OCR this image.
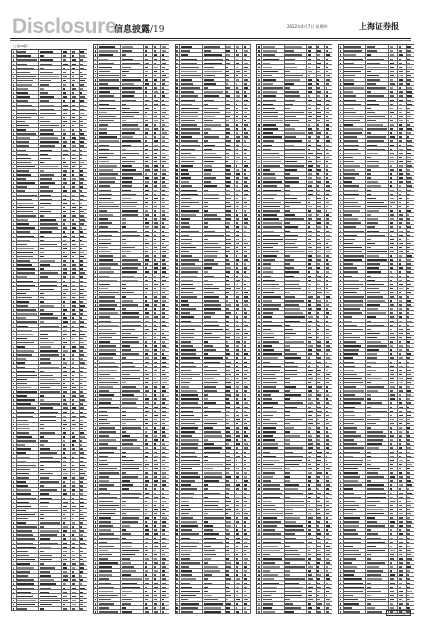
Disclosure
信息披露/19	2022年4月7日 星期四	上海证券报
（上接18版）
（下转20版）
